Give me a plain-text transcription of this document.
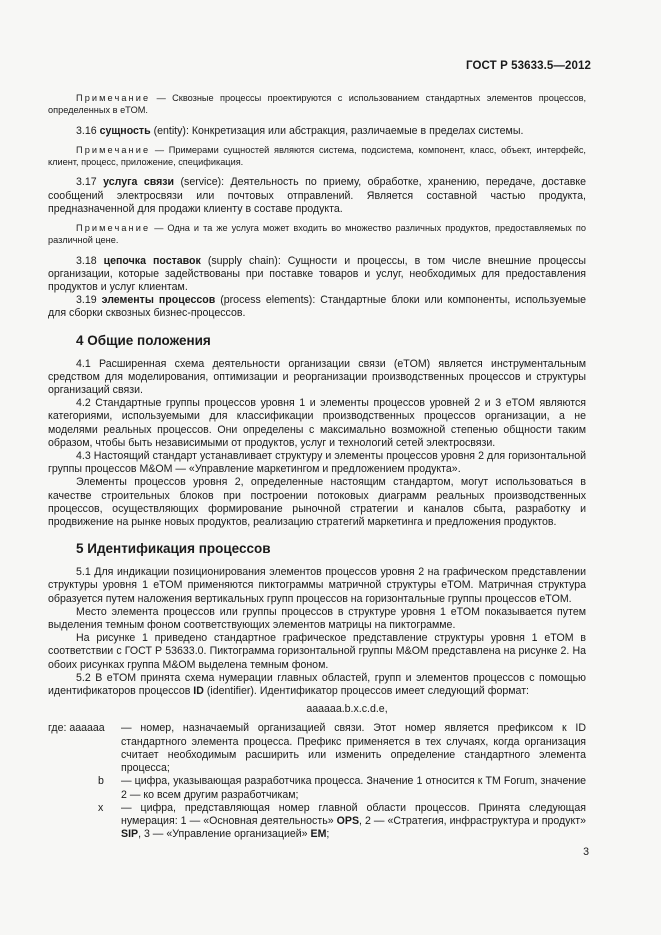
ГОСТ Р 53633.5—2012

Примечание — Сквозные процессы проектируются с использованием стандартных элементов процессов, определенных в eTOM.

3.16 сущность (entity): Конкретизация или абстракция, различаемые в пределах системы.

Примечание — Примерами сущностей являются система, подсистема, компонент, класс, объект, интерфейс, клиент, процесс, приложение, спецификация.

3.17 услуга связи (service): Деятельность по приему, обработке, хранению, передаче, доставке сообщений электросвязи или почтовых отправлений. Является составной частью продукта, предназначенной для продажи клиенту в составе продукта.

Примечание — Одна и та же услуга может входить во множество различных продуктов, предоставляемых по различной цене.

3.18 цепочка поставок (supply chain): Сущности и процессы, в том числе внешние процессы организации, которые задействованы при поставке товаров и услуг, необходимых для предоставления продуктов и услуг клиентам.

3.19 элементы процессов (process elements): Стандартные блоки или компоненты, используемые для сборки сквозных бизнес-процессов.

4 Общие положения

4.1 Расширенная схема деятельности организации связи (eTOM) является инструментальным средством для моделирования, оптимизации и реорганизации производственных процессов и структуры организаций связи.

4.2 Стандартные группы процессов уровня 1 и элементы процессов уровней 2 и 3 eTOM являются категориями, используемыми для классификации производственных процессов организации, а не моделями реальных процессов. Они определены с максимально возможной степенью общности таким образом, чтобы быть независимыми от продуктов, услуг и технологий сетей электросвязи.

4.3 Настоящий стандарт устанавливает структуру и элементы процессов уровня 2 для горизонтальной группы процессов M&OM — «Управление маркетингом и предложением продукта».

Элементы процессов уровня 2, определенные настоящим стандартом, могут использоваться в качестве строительных блоков при построении потоковых диаграмм реальных производственных процессов, осуществляющих формирование рыночной стратегии и каналов сбыта, разработку и продвижение на рынке новых продуктов, реализацию стратегий маркетинга и предложения продуктов.

5 Идентификация процессов

5.1 Для индикации позиционирования элементов процессов уровня 2 на графическом представлении структуры уровня 1 eTOM применяются пиктограммы матричной структуры eTOM. Матричная структура образуется путем наложения вертикальных групп процессов на горизонтальные группы процессов eTOM.

Место элемента процессов или группы процессов в структуре уровня 1 eTOM показывается путем выделения темным фоном соответствующих элементов матрицы на пиктограмме.

На рисунке 1 приведено стандартное графическое представление структуры уровня 1 eTOM в соответствии с ГОСТ Р 53633.0. Пиктограмма горизонтальной группы M&OM представлена на рисунке 2. На обоих рисунках группа M&OM выделена темным фоном.

5.2 В eTOM принята схема нумерации главных областей, групп и элементов процессов с помощью идентификаторов процессов ID (identifier). Идентификатор процессов имеет следующий формат:

aaaaaa.b.x.c.d.e,
где: aaaaaa — номер, назначаемый организацией связи. Этот номер является префиксом к ID стандартного элемента процесса. Префикс применяется в тех случаях, когда организация считает необходимым расширить или изменить определение стандартного элемента процесса;
b — цифра, указывающая разработчика процесса. Значение 1 относится к TM Forum, значение 2 — ко всем другим разработчикам;
x — цифра, представляющая номер главной области процессов. Принята следующая нумерация: 1 — «Основная деятельность» OPS, 2 — «Стратегия, инфраструктура и продукт» SIP, 3 — «Управление организацией» EM;
3
